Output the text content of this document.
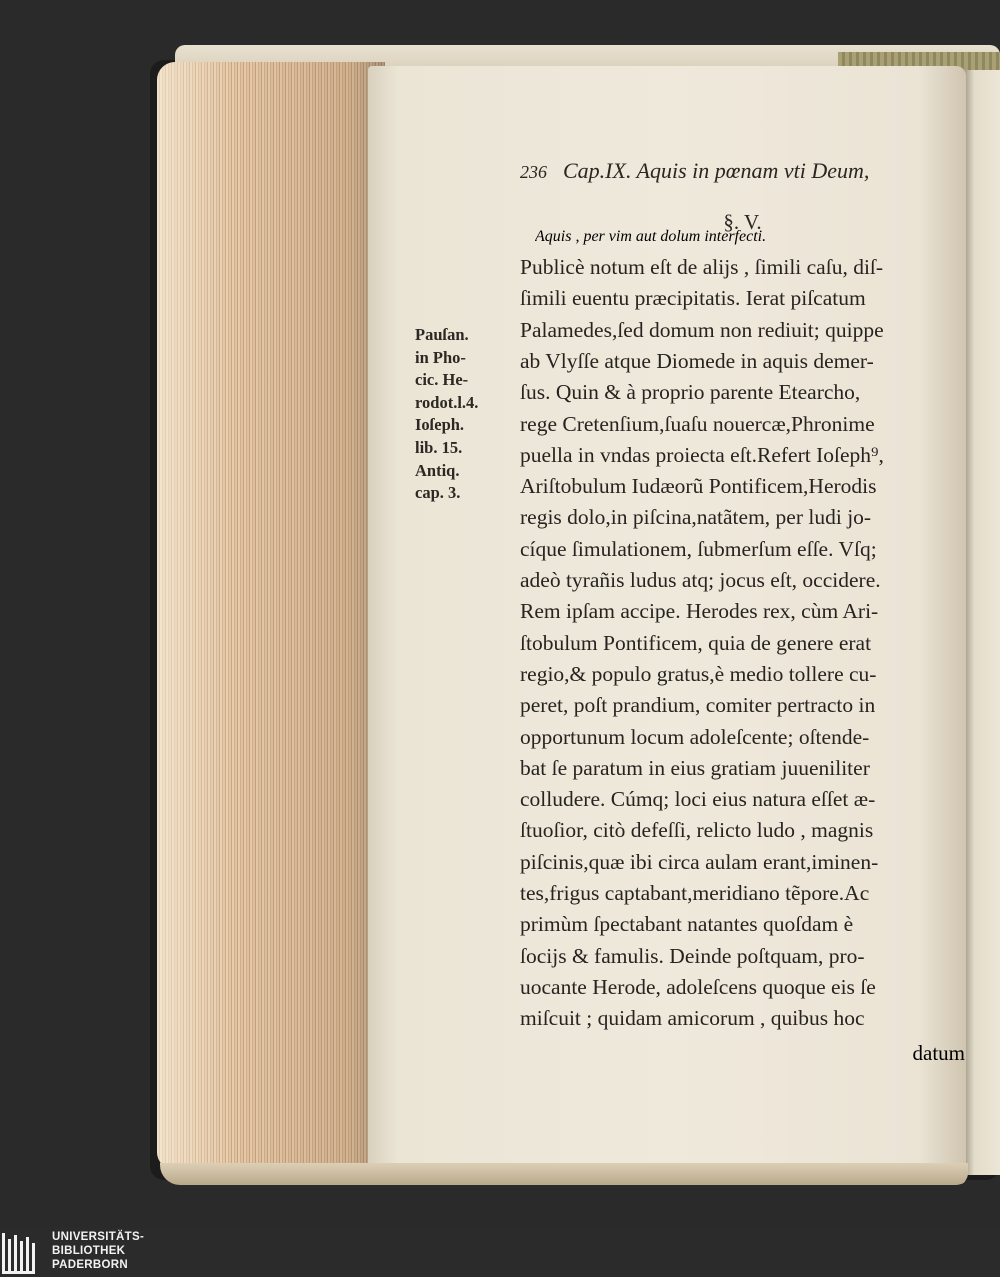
236 Cap.IX. Aquis in pœnam vti Deum,
§. V.
Aquis , per vim aut dolum interfecti.
Publicè notum eſt de alijs , ſimili caſu, diſ-
ſimili euentu præcipitatis. Ierat piſcatum
Palamedes,ſed domum non rediuit; quippe
ab Vlyſſe atque Diomede in aquis demer-
ſus. Quin & à proprio parente Etearcho,
rege Cretenſium,ſuaſu nouercæ,Phronime
puella in vndas proiecta eſt.Refert Ioſeph⁹,
Ariſtobulum Iudæorũ Pontificem,Herodis
regis dolo,in piſcina,natãtem, per ludi jo-
cíque ſimulationem, ſubmerſum eſſe. Vſq;
adeò tyrañis ludus atq; jocus eſt, occidere.
Rem ipſam accipe. Herodes rex, cùm Ari-
ſtobulum Pontificem, quia de genere erat
regio,& populo gratus,è medio tollere cu-
peret, poſt prandium, comiter pertracto in
opportunum locum adoleſcente; oſtende-
bat ſe paratum in eius gratiam juueniliter
colludere. Cúmq; loci eius natura eſſet æ-
ſtuoſior, citò defeſſi, relicto ludo , magnis
piſcinis,quæ ibi circa aulam erant,iminen-
tes,frigus captabant,meridiano tẽpore.Ac
primùm ſpectabant natantes quoſdam è
ſocijs & famulis. Deinde poſtquam, pro-
uocante Herode, adoleſcens quoque eis ſe
miſcuit ; quidam amicorum , quibus hoc
datum
Pauſan.
in Pho-
cic. He-
rodot.l.4.
Ioſeph.
lib. 15.
Antiq.
cap. 3.
UNIVERSITÄTS-
BIBLIOTHEK
PADERBORN
